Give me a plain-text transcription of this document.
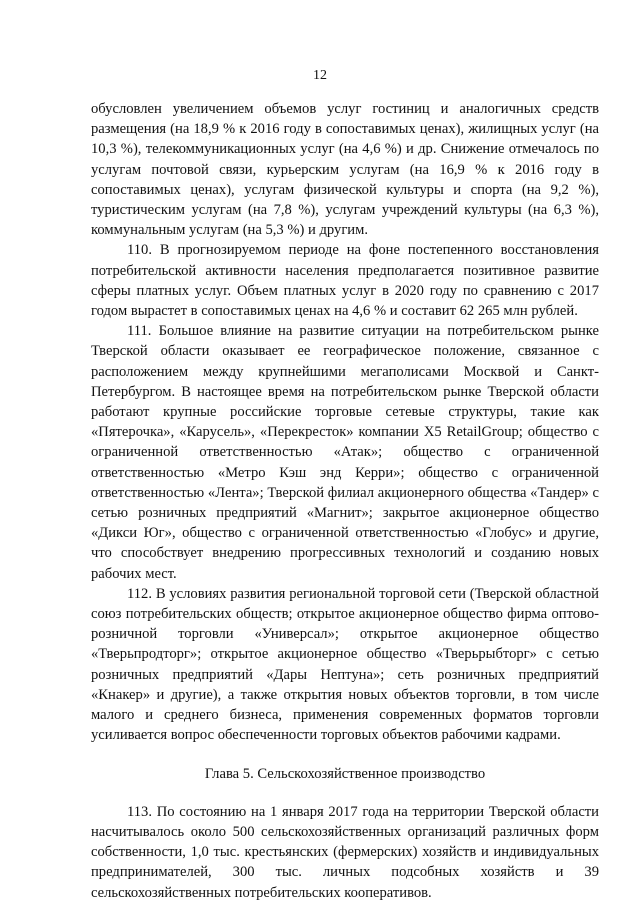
12

обусловлен увеличением объемов услуг гостиниц и аналогичных средств размещения (на 18,9 % к 2016 году в сопоставимых ценах), жилищных услуг (на 10,3 %), телекоммуникационных услуг (на 4,6 %) и др. Снижение отмечалось по услугам почтовой связи, курьерским услугам (на 16,9 % к 2016 году в сопоставимых ценах), услугам физической культуры и спорта (на 9,2 %), туристическим услугам (на 7,8 %), услугам учреждений культуры (на 6,3 %), коммунальным услугам (на 5,3 %) и другим.

110. В прогнозируемом периоде на фоне постепенного восстановления потребительской активности населения предполагается позитивное развитие сферы платных услуг. Объем платных услуг в 2020 году по сравнению с 2017 годом вырастет в сопоставимых ценах на 4,6 % и составит 62 265 млн рублей.

111. Большое влияние на развитие ситуации на потребительском рынке Тверской области оказывает ее географическое положение, связанное с расположением между крупнейшими мегаполисами Москвой и Санкт-Петербургом. В настоящее время на потребительском рынке Тверской области работают крупные российские торговые сетевые структуры, такие как «Пятерочка», «Карусель», «Перекресток» компании X5 RetailGroup; общество с ограниченной ответственностью «Атак»; общество с ограниченной ответственностью «Метро Кэш энд Керри»; общество с ограниченной ответственностью «Лента»; Тверской филиал акционерного общества «Тандер» с сетью розничных предприятий «Магнит»; закрытое акционерное общество «Дикси Юг», общество с ограниченной ответственностью «Глобус» и другие, что способствует внедрению прогрессивных технологий и созданию новых рабочих мест.

112. В условиях развития региональной торговой сети (Тверской областной союз потребительских обществ; открытое акционерное общество фирма оптово-розничной торговли «Универсал»; открытое акционерное общество «Тверьпродторг»; открытое акционерное общество «Тверьрыбторг» с сетью розничных предприятий «Дары Нептуна»; сеть розничных предприятий «Кнакер» и другие), а также открытия новых объектов торговли, в том числе малого и среднего бизнеса, применения современных форматов торговли усиливается вопрос обеспеченности торговых объектов рабочими кадрами.

Глава 5. Сельскохозяйственное производство

113. По состоянию на 1 января 2017 года на территории Тверской области насчитывалось около 500 сельскохозяйственных организаций различных форм собственности, 1,0 тыс. крестьянских (фермерских) хозяйств и индивидуальных предпринимателей, 300 тыс. личных подсобных хозяйств и 39 сельскохозяйственных потребительских кооперативов.
